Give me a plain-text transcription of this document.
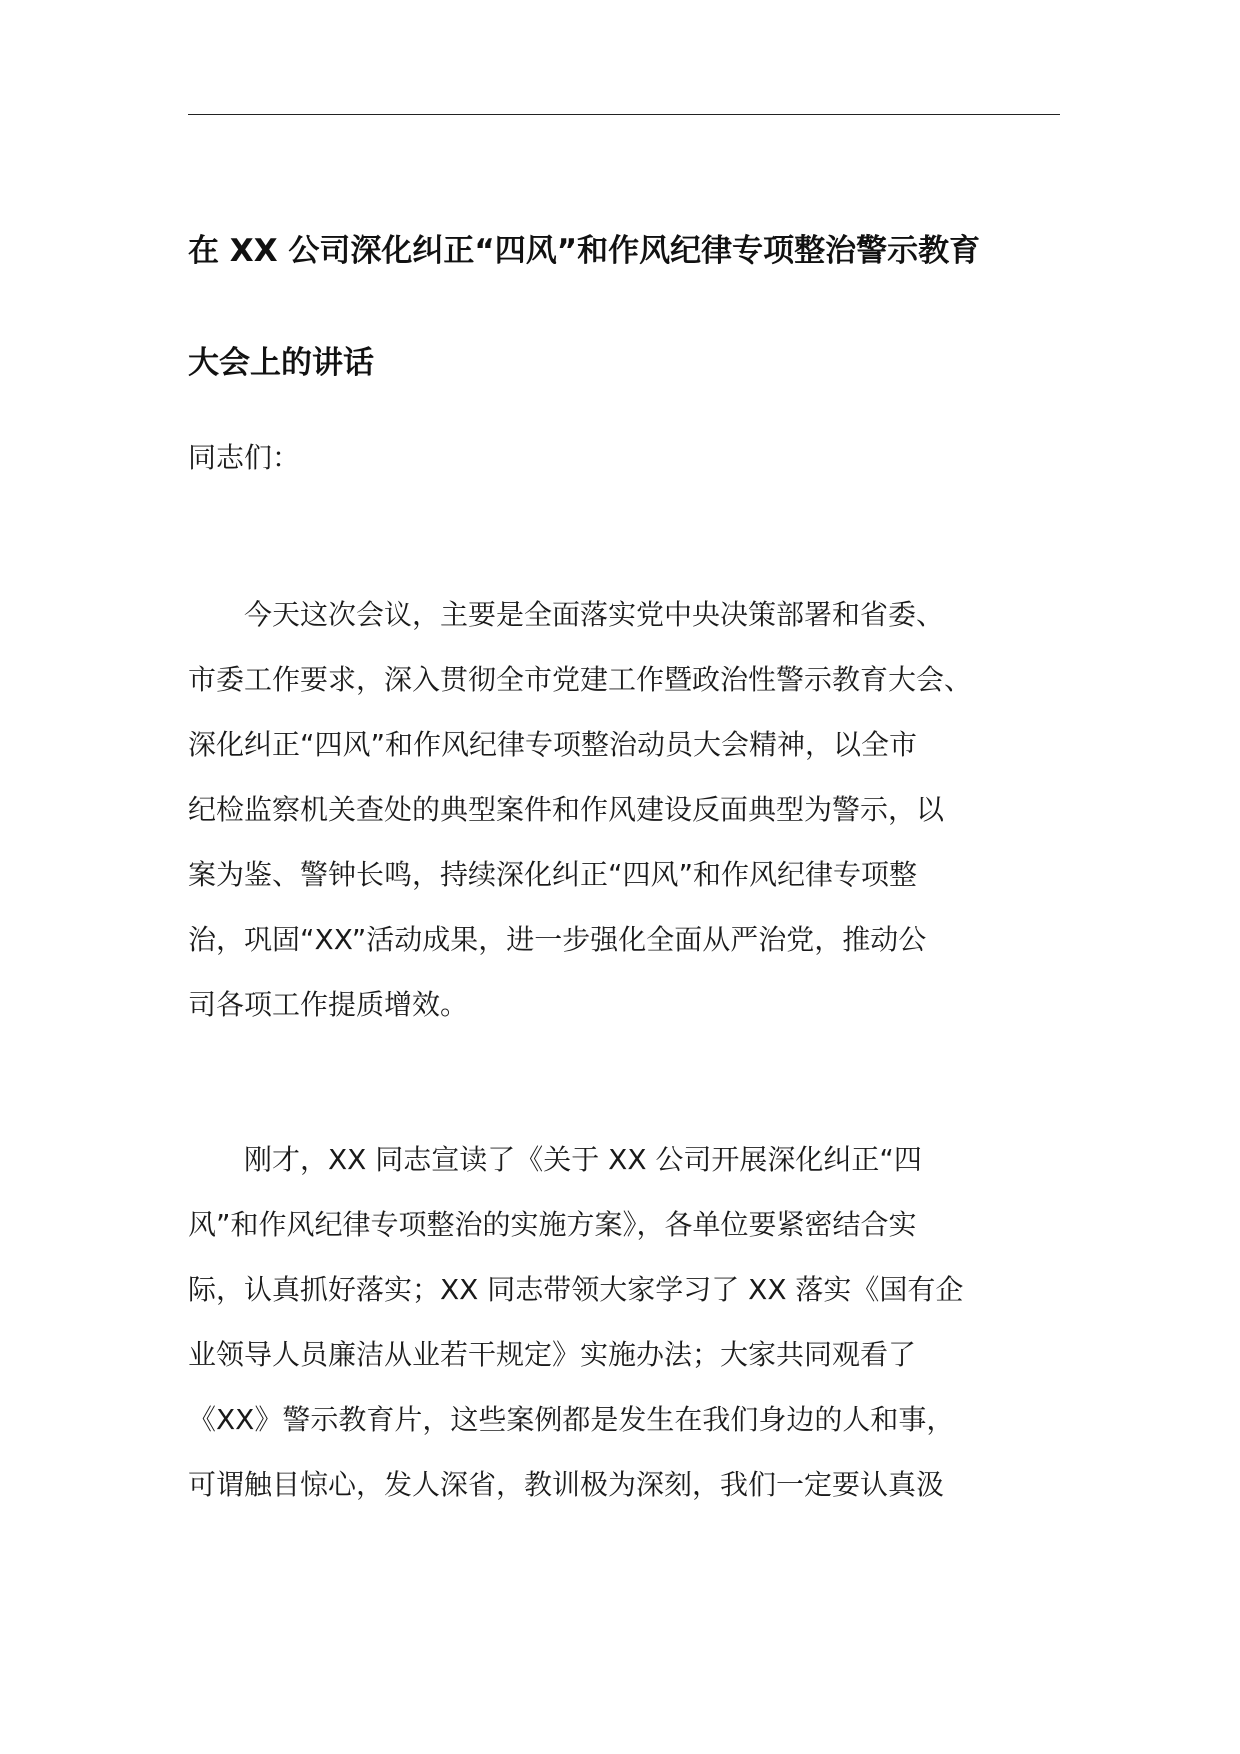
在 XX 公司深化纠正“四风”和作风纪律专项整治警示教育
大会上的讲话

同志们：

　　今天这次会议，主要是全面落实党中央决策部署和省委、
市委工作要求，深入贯彻全市党建工作暨政治性警示教育大会、
深化纠正“四风”和作风纪律专项整治动员大会精神，以全市
纪检监察机关查处的典型案件和作风建设反面典型为警示，以
案为鉴、警钟长鸣，持续深化纠正“四风”和作风纪律专项整
治，巩固“XX”活动成果，进一步强化全面从严治党，推动公
司各项工作提质增效。

　　刚才，XX 同志宣读了《关于 XX 公司开展深化纠正“四
风”和作风纪律专项整治的实施方案》，各单位要紧密结合实
际，认真抓好落实；XX 同志带领大家学习了 XX 落实《国有企
业领导人员廉洁从业若干规定》实施办法；大家共同观看了
《XX》警示教育片，这些案例都是发生在我们身边的人和事，
可谓触目惊心，发人深省，教训极为深刻，我们一定要认真汲
